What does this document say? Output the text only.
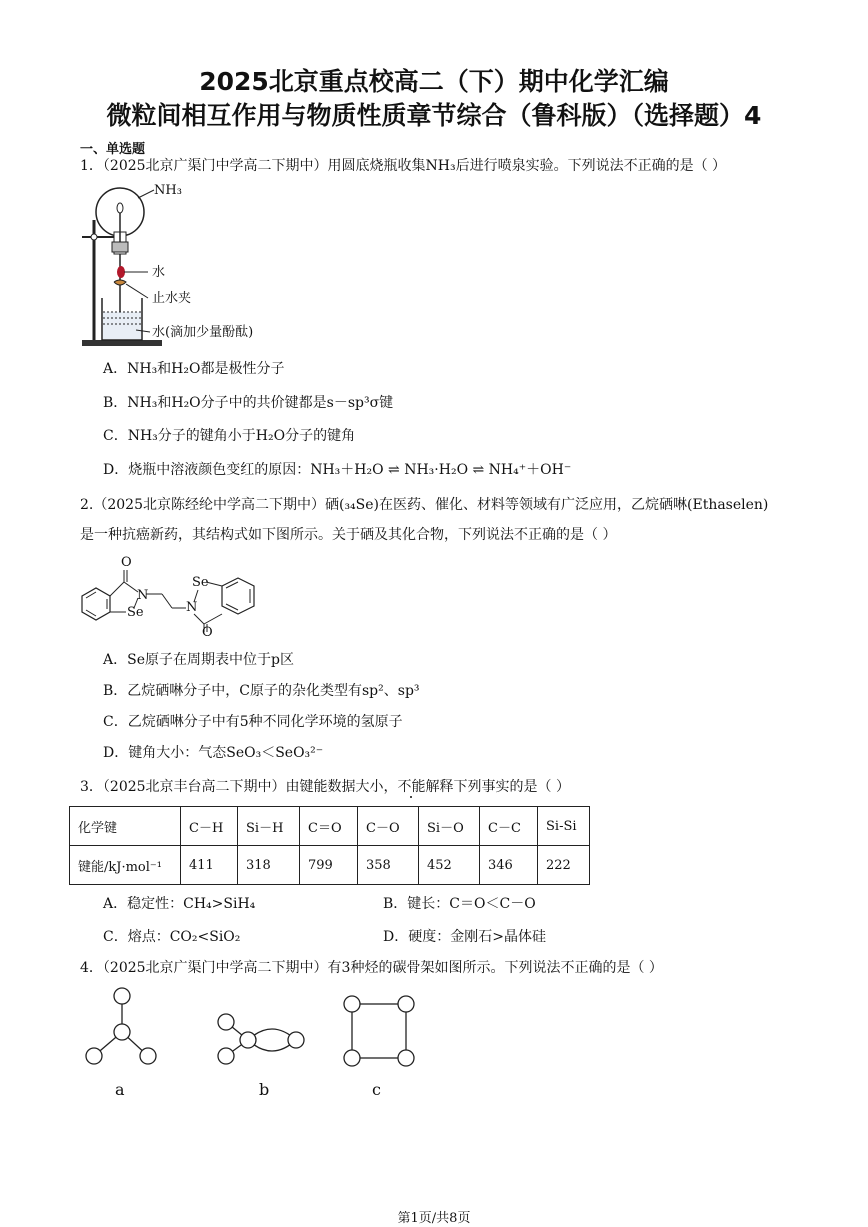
2025北京重点校高二（下）期中化学汇编
微粒间相互作用与物质性质章节综合（鲁科版）（选择题）4
一、单选题
1．（2025北京广渠门中学高二下期中）用圆底烧瓶收集NH₃后进行喷泉实验。下列说法不正确的是（ ）
NH₃
水
止水夹
水(滴加少量酚酞)
A．NH₃和H₂O都是极性分子
B．NH₃和H₂O分子中的共价键都是s－sp³σ键
C．NH₃分子的键角小于H₂O分子的键角
D．烧瓶中溶液颜色变红的原因：NH₃＋H₂O ⇌ NH₃·H₂O ⇌ NH₄⁺＋OH⁻
2.（2025北京陈经纶中学高二下期中）硒(₃₄Se)在医药、催化、材料等领域有广泛应用，乙烷硒啉(Ethaselen)
是一种抗癌新药，其结构式如下图所示。关于硒及其化合物，下列说法不正确的是（ ）
O
N
Se
Se
N
O
A．Se原子在周期表中位于p区
B．乙烷硒啉分子中，C原子的杂化类型有sp²、sp³
C．乙烷硒啉分子中有5种不同化学环境的氢原子
D．键角大小：气态SeO₃＜SeO₃²⁻
3．（2025北京丰台高二下期中）由键能数据大小，不能解释下列事实的是（ ）
化学键	C－H	Si－H	C＝O	C－O	Si－O	C－C	Si-Si
键能/kJ·mol⁻¹	411	318	799	358	452	346	222
A．稳定性：CH₄>SiH₄	B．键长：C＝O＜C－O
C．熔点：CO₂<SiO₂	D．硬度：金刚石>晶体硅
4．（2025北京广渠门中学高二下期中）有3种烃的碳骨架如图所示。下列说法不正确的是（ ）
a	b	c
第1页/共8页
